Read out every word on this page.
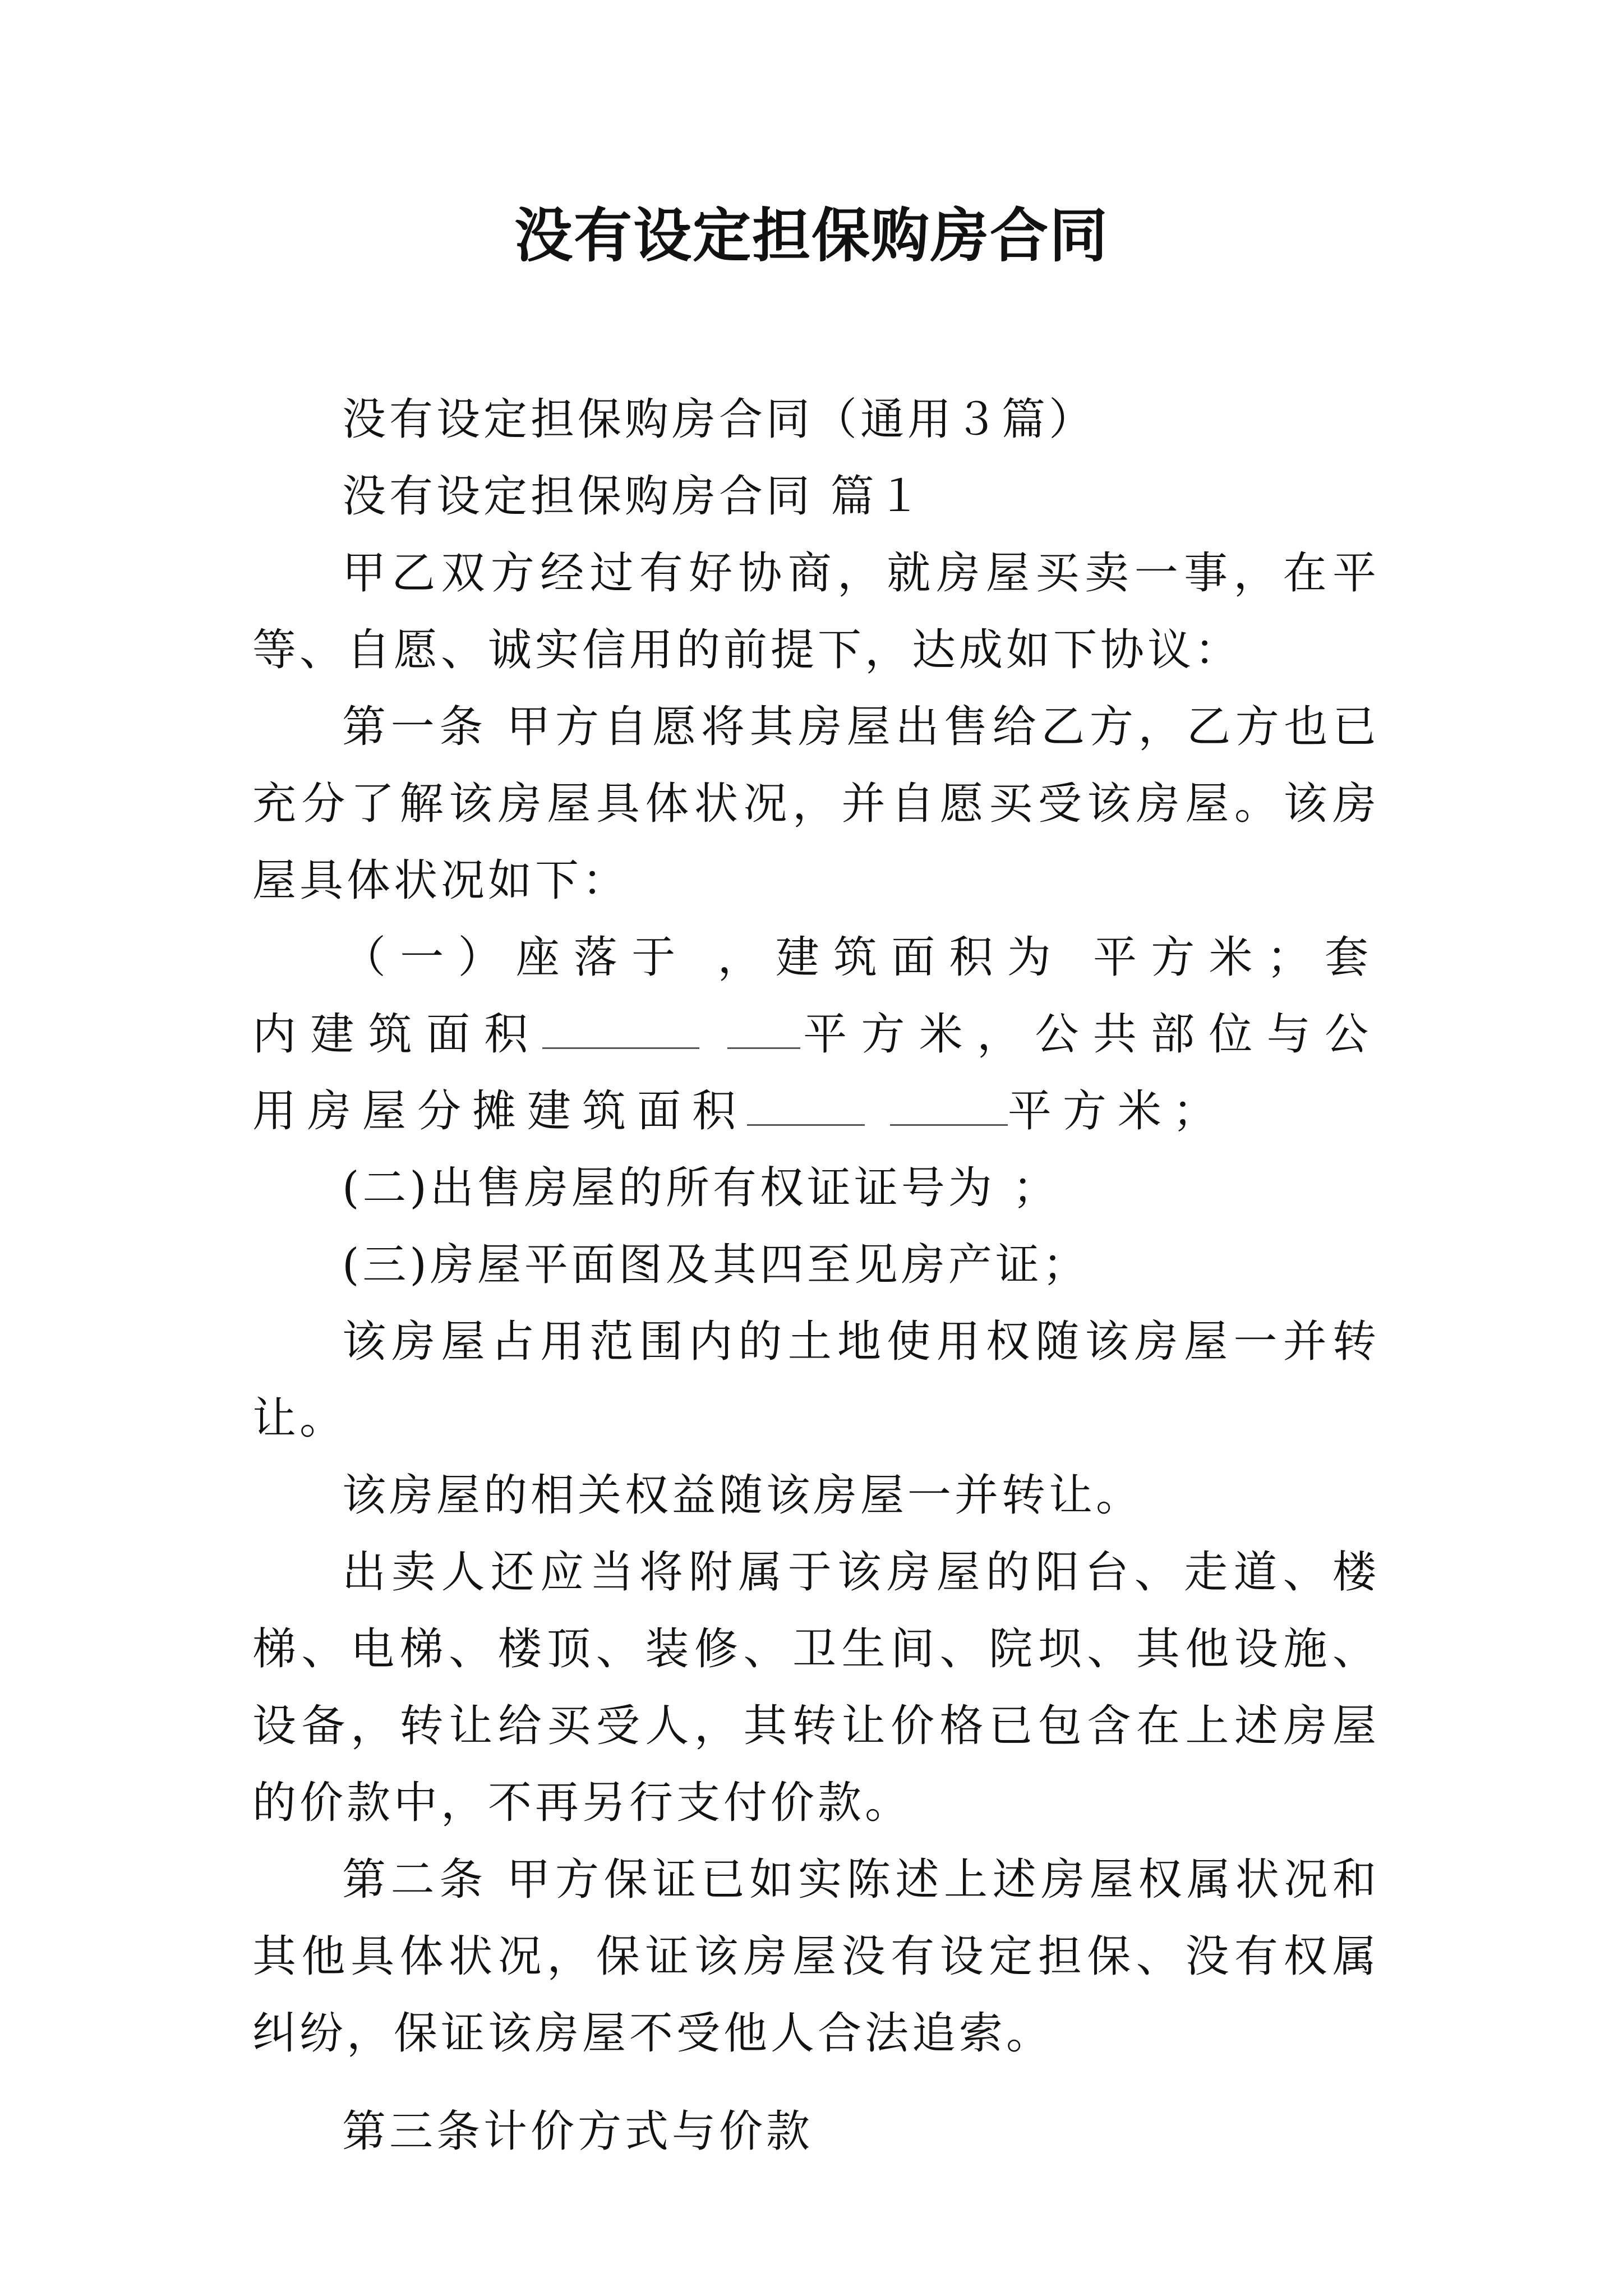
没有设定担保购房合同

没有设定担保购房合同（通用３篇）

没有设定担保购房合同 篇１

甲乙双方经过有好协商，就房屋买卖一事，在平等、自愿、诚实信用的前提下，达成如下协议：

第一条 甲方自愿将其房屋出售给乙方，乙方也已充分了解该房屋具体状况，并自愿买受该房屋。该房屋具体状况如下：

（一）座落于 ，建筑面积为 平方米；套内建筑面积	平方米，公共部位与公用房屋分摊建筑面积	平方米；

(二)出售房屋的所有权证证号为 ；

(三)房屋平面图及其四至见房产证；

该房屋占用范围内的土地使用权随该房屋一并转让。

该房屋的相关权益随该房屋一并转让。

出卖人还应当将附属于该房屋的阳台、走道、楼梯、电梯、楼顶、装修、卫生间、院坝、其他设施、设备，转让给买受人，其转让价格已包含在上述房屋的价款中，不再另行支付价款。

第二条 甲方保证已如实陈述上述房屋权属状况和其他具体状况，保证该房屋没有设定担保、没有权属纠纷，保证该房屋不受他人合法追索。

第三条计价方式与价款
